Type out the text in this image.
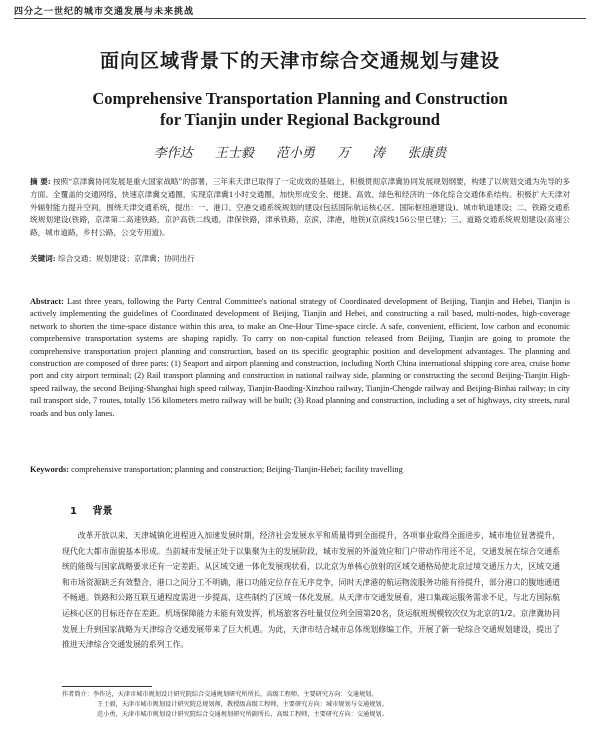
四分之一世纪的城市交通发展与未来挑战
面向区域背景下的天津市综合交通规划与建设
Comprehensive Transportation Planning and Construction
for Tianjin under Regional Background
李作达 王士毅 范小勇 万 涛 张康贵
摘 要: 按照“京津冀协同发展是重大国家战略”的部署，三年来天津已取得了一定成效的基础上，积极贯彻京津冀协同发展规划纲要，构建了以规划交通为先导的多方面、全覆盖的交通网络，快速京津冀交通圈，实现京津冀1小时交通圈，加快形成安全、便捷、高效、绿色和经济的一体化综合交通体系结构。积极扩大天津对外辐射能力提升空间，围绕天津交通系统，提出：一、港口、空港交通系统规划的建设(包括国际航运核心区、国际枢纽港建设)、城市轨道建设；二、铁路交通系统规划建设(铁路，京津第二高速铁路，京沪高铁二线通，津保铁路，津承铁路，京滨，津港，地铁)(京滨线156公里已建)；三、道路交通系统规划建设(高速公路，城市道路，乡村公路，公交专用道)。
关键词: 综合交通；规划建设；京津冀；协同出行
Abstract: Last three years, following the Party Central Committee's national strategy of Coordinated development of Beijing, Tianjin and Hebei, Tianjin is actively implementing the guidelines of Coordinated development of Beijing, Tianjin and Hebei, and constructing a rail based, multi-nodes, high-coverage network to shorten the time-space distance within this area, to make an One-Hour Time-space circle. A safe, convenient, efficient, low carbon and economic comprehensive transportation systems are shaping rapidly. To carry on non-capital function released from Beijing, Tianjin are going to promote the comprehensive transportation project planning and construction, based on its specific geographic position and development advantages. The planning and construction are composed of three parts: (1) Seaport and airport planning and construction, including North China international shipping core area, cruise home port and city airport terminal; (2) Rail transport planning and construction in national railway side, planning or constructing the second Beijing-Tianjin High-speed railway, the second Beijing-Shanghai high speed railway, Tianjin-Baoding-Xinzhou railway, Tianjin-Chengde railway and Beijing-Binhai railway; in city rail transport side, 7 routes, totally 156 kilometers metro railway will be built; (3) Road planning and construction, including a set of highways, city streets, rural roads and bus only lanes.
Keywords: comprehensive transportation; planning and construction; Beijing-Tianjin-Hebei; facility travelling
1 背景
改革开放以来，天津城镇化进程进入加速发展时期，经济社会发展水平和质量得到全面提升，各项事业取得全面进步，城市地位显著提升，现代化大都市面貌基本形成。当前城市发展正处于以集聚为主的发展阶段，城市发展的外溢效应和门户带动作用还不足，交通发展在综合交通系统的能级与国家战略要求还有一定差距。从区域交通一体化发展现状看，以北京为单核心放射的区域交通格局使北京过境交通压力大，区域交通和市场资源缺乏有效整合，港口之间分工不明确，港口功能定位存在无序竞争，同时天津港的航运物流服务功能有待提升，部分港口的腹地通道不畅通。铁路和公路互联互通程度需进一步提高，这些制约了区域一体化发展。从天津市交通发展看，港口集疏运服务需求不足，与北方国际航运核心区的目标还存在差距。机场保障能力未能有效发挥，机场旅客吞吐量仅位列全国第20名，货运航班规模较次仅为北京的1/2。京津冀协同发展上升到国家战略为天津综合交通发展带来了巨大机遇。为此，天津市结合城市总体规划修编工作，开展了新一轮综合交通规划建设，提出了推进天津综合交通发展的系列工作。
作者简介：李作达，天津市城市规划设计研究院综合交通规划研究所所长，高级工程师，主要研究方向：交通规划。
王士毅，天津市城市规划设计研究院总规划师，教授级高级工程师，主要研究方向：城市规划与交通规划。
范小勇，天津市城市规划设计研究院综合交通规划研究所副所长，高级工程师，主要研究方向：交通规划。
